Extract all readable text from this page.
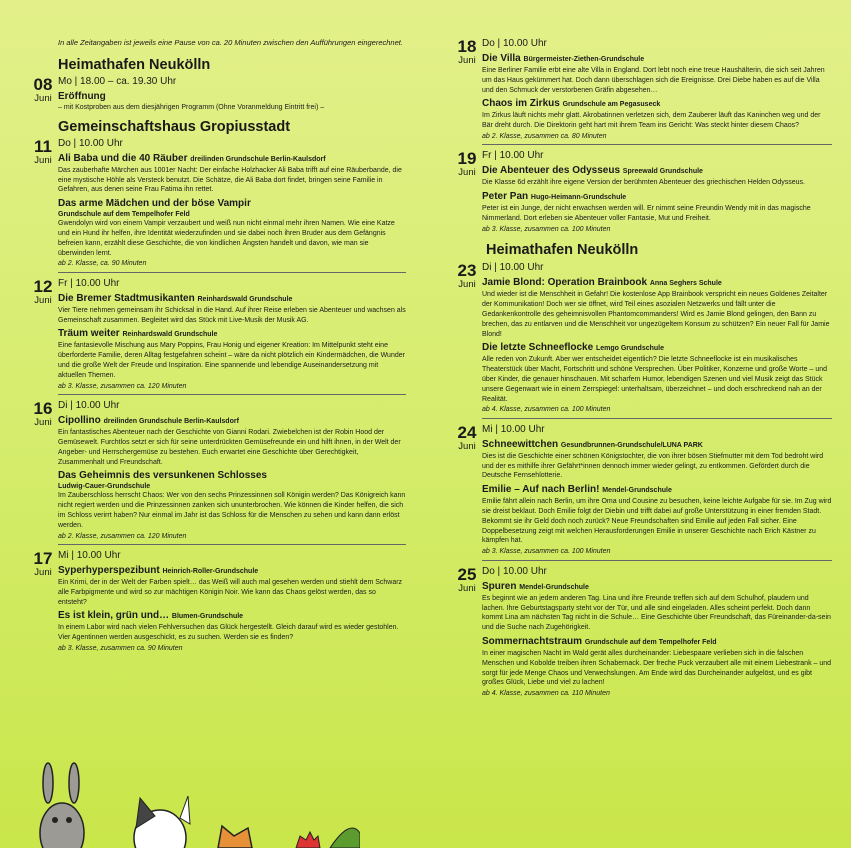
In alle Zeitangaben ist jeweils eine Pause von ca. 20 Minuten zwischen den Aufführungen eingerechnet.
Heimathafen Neukölln
08
Juni
Mo | 18.00 – ca. 19.30 Uhr
Eröffnung
– mit Kostproben aus dem diesjährigen Programm (Ohne Voranmeldung Eintritt frei) –
Gemeinschaftshaus Gropiusstadt
11
Juni
Do | 10.00 Uhr
Ali Baba und die 40 Räuber dreilinden Grundschule Berlin-Kaulsdorf
Das zauberhafte Märchen aus 1001er Nacht: Der einfache Holzhacker Ali Baba trifft auf eine Räuberbande, die eine mystische Höhle als Versteck benutzt. Die Schätze, die Ali Baba dort findet, bringen seine Familie in Gefahren, aus denen seine Frau Fatima ihn rettet.
Das arme Mädchen und der böse Vampir
Grundschule auf dem Tempelhofer Feld
Gwendolyn wird von einem Vampir verzaubert und weiß nun nicht einmal mehr ihren Namen. Wie eine Katze und ein Hund ihr helfen, ihre Identität wiederzufinden und sie dabei noch ihren Bruder aus dem Gefängnis befreien kann, erzählt diese Geschichte, die von kindlichen Ängsten handelt und davon, wie man sie überwinden lernt.
ab 2. Klasse, ca. 90 Minuten
12
Juni
Fr | 10.00 Uhr
Die Bremer Stadtmusikanten Reinhardswald Grundschule
Vier Tiere nehmen gemeinsam ihr Schicksal in die Hand. Auf ihrer Reise erleben sie Abenteuer und wachsen als Gemeinschaft zusammen. Begleitet wird das Stück mit Live-Musik der Musik AG.
Träum weiter Reinhardswald Grundschule
Eine fantasievolle Mischung aus Mary Poppins, Frau Honig und eigener Kreation: Im Mittelpunkt steht eine überforderte Familie, deren Alltag festgefahren scheint – wäre da nicht plötzlich ein Kindermädchen, die Wunder und die große Welt der Freude und Inspiration. Eine spannende und lebendige Auseinandersetzung mit aktuellen Themen.
ab 3. Klasse, zusammen ca. 120 Minuten
16
Juni
Di | 10.00 Uhr
Cipollino dreilinden Grundschule Berlin-Kaulsdorf
Ein fantastisches Abenteuer nach der Geschichte von Gianni Rodari. Zwiebelchen ist der Robin Hood der Gemüsewelt. Furchtlos setzt er sich für seine unterdrückten Gemüsefreunde ein und hilft ihnen, in der Welt der Angeber- und Herrschergemüse zu bestehen. Euch erwartet eine Geschichte über Gerechtigkeit, Zusammenhalt und Freundschaft.
Das Geheimnis des versunkenen Schlosses
Ludwig-Cauer-Grundschule
Im Zauberschloss herrscht Chaos: Wer von den sechs Prinzessinnen soll Königin werden? Das Königreich kann nicht regiert werden und die Prinzessinnen zanken sich ununterbrochen. Wie können die Kinder helfen, die sich im Schloss verirrt haben? Nur einmal im Jahr ist das Schloss für die Menschen zu sehen und kann dann erlöst werden.
ab 2. Klasse, zusammen ca. 120 Minuten
17
Juni
Mi | 10.00 Uhr
Syperhyperspezibunt Heinrich-Roller-Grundschule
Ein Krimi, der in der Welt der Farben spielt… das Weiß will auch mal gesehen werden und stiehlt dem Schwarz alle Farbpigmente und wird so zur mächtigen Königin Noir. Wie kann das Chaos gelöst werden, das so entsteht?
Es ist klein, grün und… Blumen-Grundschule
In einem Labor wird nach vielen Fehlversuchen das Glück hergestellt. Gleich darauf wird es wieder gestohlen. Vier Agentinnen werden ausgeschickt, es zu suchen. Werden sie es finden?
ab 3. Klasse, zusammen ca. 90 Minuten
18
Juni
Do | 10.00 Uhr
Die Villa Bürgermeister-Ziethen-Grundschule
Eine Berliner Familie erbt eine alte Villa in England. Dort lebt noch eine treue Haushälterin, die sich seit Jahren um das Haus gekümmert hat. Doch dann überschlagen sich die Ereignisse. Drei Diebe haben es auf die Villa und den Schmuck der verstorbenen Gräfin abgesehen…
Chaos im Zirkus Grundschule am Pegasuseck
Im Zirkus läuft nichts mehr glatt. Akrobatinnen verletzen sich, dem Zauberer läuft das Kaninchen weg und der Bär dreht durch. Die Direktorin geht hart mit ihrem Team ins Gericht: Was steckt hinter diesem Chaos?
ab 2. Klasse, zusammen ca. 80 Minuten
19
Juni
Fr | 10.00 Uhr
Die Abenteuer des Odysseus Spreewald Grundschule
Die Klasse 6d erzählt ihre eigene Version der berühmten Abenteuer des griechischen Helden Odysseus.
Peter Pan Hugo-Heimann-Grundschule
Peter ist ein Junge, der nicht erwachsen werden will. Er nimmt seine Freundin Wendy mit in das magische Nimmerland. Dort erleben sie Abenteuer voller Fantasie, Mut und Freiheit.
ab 3. Klasse, zusammen ca. 100 Minuten
Heimathafen Neukölln
23
Juni
Di | 10.00 Uhr
Jamie Blond: Operation Brainbook Anna Seghers Schule
Und wieder ist die Menschheit in Gefahr! Die kostenlose App Brainbook verspricht ein neues Goldenes Zeitalter der Kommunikation! Doch wer sie öffnet, wird Teil eines asozialen Netzwerks und fällt unter die Gedankenkontrolle des geheimnisvollen Phantomcommanders! Wird es Jamie Blond gelingen, den Bann zu brechen, das zu entlarven und die Menschheit vor ungezügeltem Konsum zu schützen? Ein neuer Fall für Jamie Blond!
Die letzte Schneeflocke Lemgo Grundschule
Alle reden von Zukunft. Aber wer entscheidet eigentlich? Die letzte Schneeflocke ist ein musikalisches Theaterstück über Macht, Fortschritt und schöne Versprechen. Über Politiker, Konzerne und große Worte – und über Kinder, die genauer hinschauen. Mit scharfem Humor, lebendigen Szenen und viel Musik zeigt das Stück unsere Gegenwart wie in einem Zerrspiegel: unterhaltsam, überzeichnet – und doch erschreckend nah an der Realität.
ab 4. Klasse, zusammen ca. 100 Minuten
24
Juni
Mi | 10.00 Uhr
Schneewittchen Gesundbrunnen-Grundschule/LUNA PARK
Dies ist die Geschichte einer schönen Königstochter, die von ihrer bösen Stiefmutter mit dem Tod bedroht wird und der es mithilfe ihrer Gefährt*innen dennoch immer wieder gelingt, zu entkommen. Gefördert durch die Deutsche Fernsehlotterie.
Emilie – Auf nach Berlin! Mendel-Grundschule
Emilie fährt allein nach Berlin, um ihre Oma und Cousine zu besuchen, keine leichte Aufgabe für sie. Im Zug wird sie dreist beklaut. Doch Emilie folgt der Diebin und trifft dabei auf große Unterstützung in einer fremden Stadt. Bekommt sie ihr Geld doch noch zurück? Neue Freundschaften sind Emilie auf jeden Fall sicher. Eine Doppelbesetzung zeigt mit welchen Herausforderungen Emilie in unserer Geschichte nach Erich Kästner zu kämpfen hat.
ab 3. Klasse, zusammen ca. 100 Minuten
25
Juni
Do | 10.00 Uhr
Spuren Mendel-Grundschule
Es beginnt wie an jedem anderen Tag. Lina und ihre Freunde treffen sich auf dem Schulhof, plaudern und lachen. Ihre Geburtstagsparty steht vor der Tür, und alle sind eingeladen. Alles scheint perfekt. Doch dann kommt Lina am nächsten Tag nicht in die Schule… Eine Geschichte über Freundschaft, das Füreinander-da-sein und die Suche nach Zugehörigkeit.
Sommernachtstraum Grundschule auf dem Tempelhofer Feld
In einer magischen Nacht im Wald gerät alles durcheinander: Liebespaare verlieben sich in die falschen Menschen und Kobolde treiben ihren Schabernack. Der freche Puck verzaubert alle mit einem Liebestrank – und sorgt für jede Menge Chaos und Verwechslungen. Am Ende wird das Durcheinander aufgelöst, und es gibt großes Glück, Liebe und viel zu lachen!
ab 4. Klasse, zusammen ca. 110 Minuten
